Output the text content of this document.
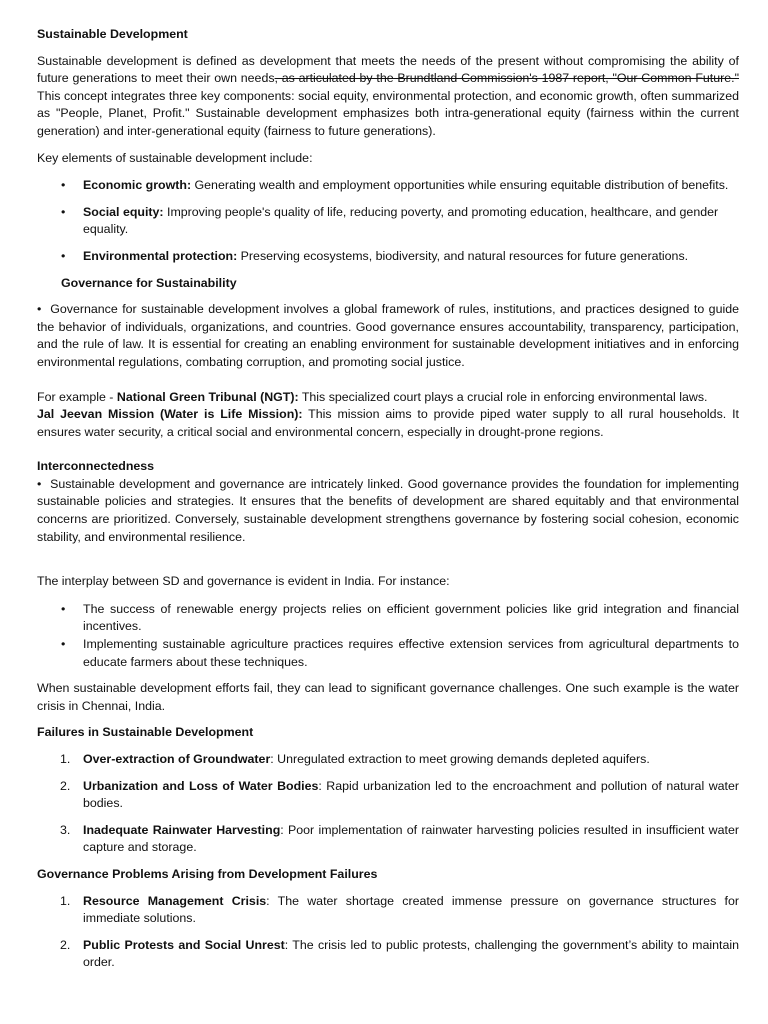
Sustainable Development

Sustainable development is defined as development that meets the needs of the present without compromising the ability of future generations to meet their own needs, as articulated by the Brundtland Commission's 1987 report, "Our Common Future." This concept integrates three key components: social equity, environmental protection, and economic growth, often summarized as "People, Planet, Profit." Sustainable development emphasizes both intra-generational equity (fairness within the current generation) and inter-generational equity (fairness to future generations).

Key elements of sustainable development include:

• Economic growth: Generating wealth and employment opportunities while ensuring equitable distribution of benefits.
• Social equity: Improving people's quality of life, reducing poverty, and promoting education, healthcare, and gender equality.
• Environmental protection: Preserving ecosystems, biodiversity, and natural resources for future generations.

Governance for Sustainability

• Governance for sustainable development involves a global framework of rules, institutions, and practices designed to guide the behavior of individuals, organizations, and countries. Good governance ensures accountability, transparency, participation, and the rule of law. It is essential for creating an enabling environment for sustainable development initiatives and in enforcing environmental regulations, combating corruption, and promoting social justice.

For example - National Green Tribunal (NGT): This specialized court plays a crucial role in enforcing environmental laws.
Jal Jeevan Mission (Water is Life Mission): This mission aims to provide piped water supply to all rural households. It ensures water security, a critical social and environmental concern, especially in drought-prone regions.

Interconnectedness

• Sustainable development and governance are intricately linked. Good governance provides the foundation for implementing sustainable policies and strategies. It ensures that the benefits of development are shared equitably and that environmental concerns are prioritized. Conversely, sustainable development strengthens governance by fostering social cohesion, economic stability, and environmental resilience.

The interplay between SD and governance is evident in India. For instance:

• The success of renewable energy projects relies on efficient government policies like grid integration and financial incentives.
• Implementing sustainable agriculture practices requires effective extension services from agricultural departments to educate farmers about these techniques.

When sustainable development efforts fail, they can lead to significant governance challenges. One such example is the water crisis in Chennai, India.

Failures in Sustainable Development

1. Over-extraction of Groundwater: Unregulated extraction to meet growing demands depleted aquifers.
2. Urbanization and Loss of Water Bodies: Rapid urbanization led to the encroachment and pollution of natural water bodies.
3. Inadequate Rainwater Harvesting: Poor implementation of rainwater harvesting policies resulted in insufficient water capture and storage.

Governance Problems Arising from Development Failures

1. Resource Management Crisis: The water shortage created immense pressure on governance structures for immediate solutions.
2. Public Protests and Social Unrest: The crisis led to public protests, challenging the government’s ability to maintain order.
